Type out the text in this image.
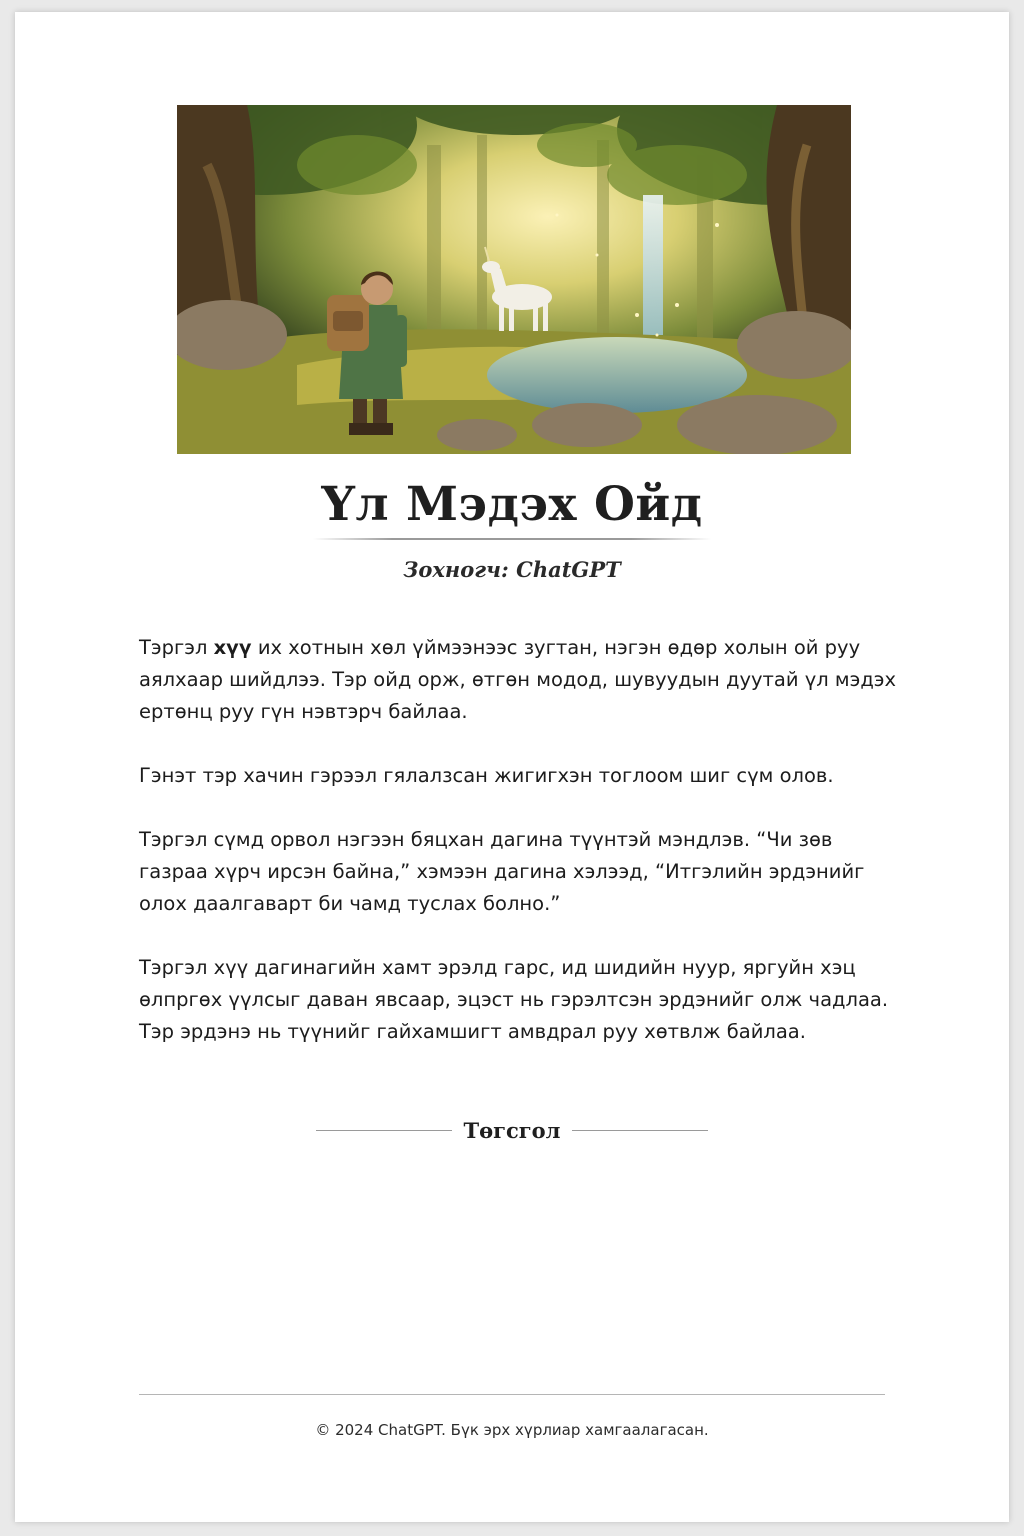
Үл Мэдэх Ойд
Зохногч: ChatGPT

Тэргэл хүү их хотнын хөл үймээнээс зугтан, нэгэн өдөр холын ой руу аялхаар шийдлээ. Тэр ойд орж, өтгөн модод, шувуудын дуутай үл мэдэх ертөнц руу гүн нэвтэрч байлаа.

Гэнэт тэр хачин гэрээл гялалзсан жигигхэн тоглоом шиг сүм олов.

Тэргэл сүмд орвол нэгээн бяцхан дагина түүнтэй мэндлэв. “Чи зөв газраа хүрч ирсэн байна,” хэмээн дагина хэлээд, “Итгэлийн эрдэнийг олох даалгаварт би чамд туслах болно.”

Тэргэл хүү дагинагийн хамт эрэлд гарс, ид шидийн нуур, яргуйн хэц өлпргөх үүлсыг даван явсаар, эцэст нь гэрэлтсэн эрдэнийг олж чадлаа. Тэр эрдэнэ нь түүнийг гайхамшигт амвдрал руу хөтвлж байлаа.

Төгсгол
© 2024 ChatGPT. Бүк эрх хүрлиар хамгаалагасан.
